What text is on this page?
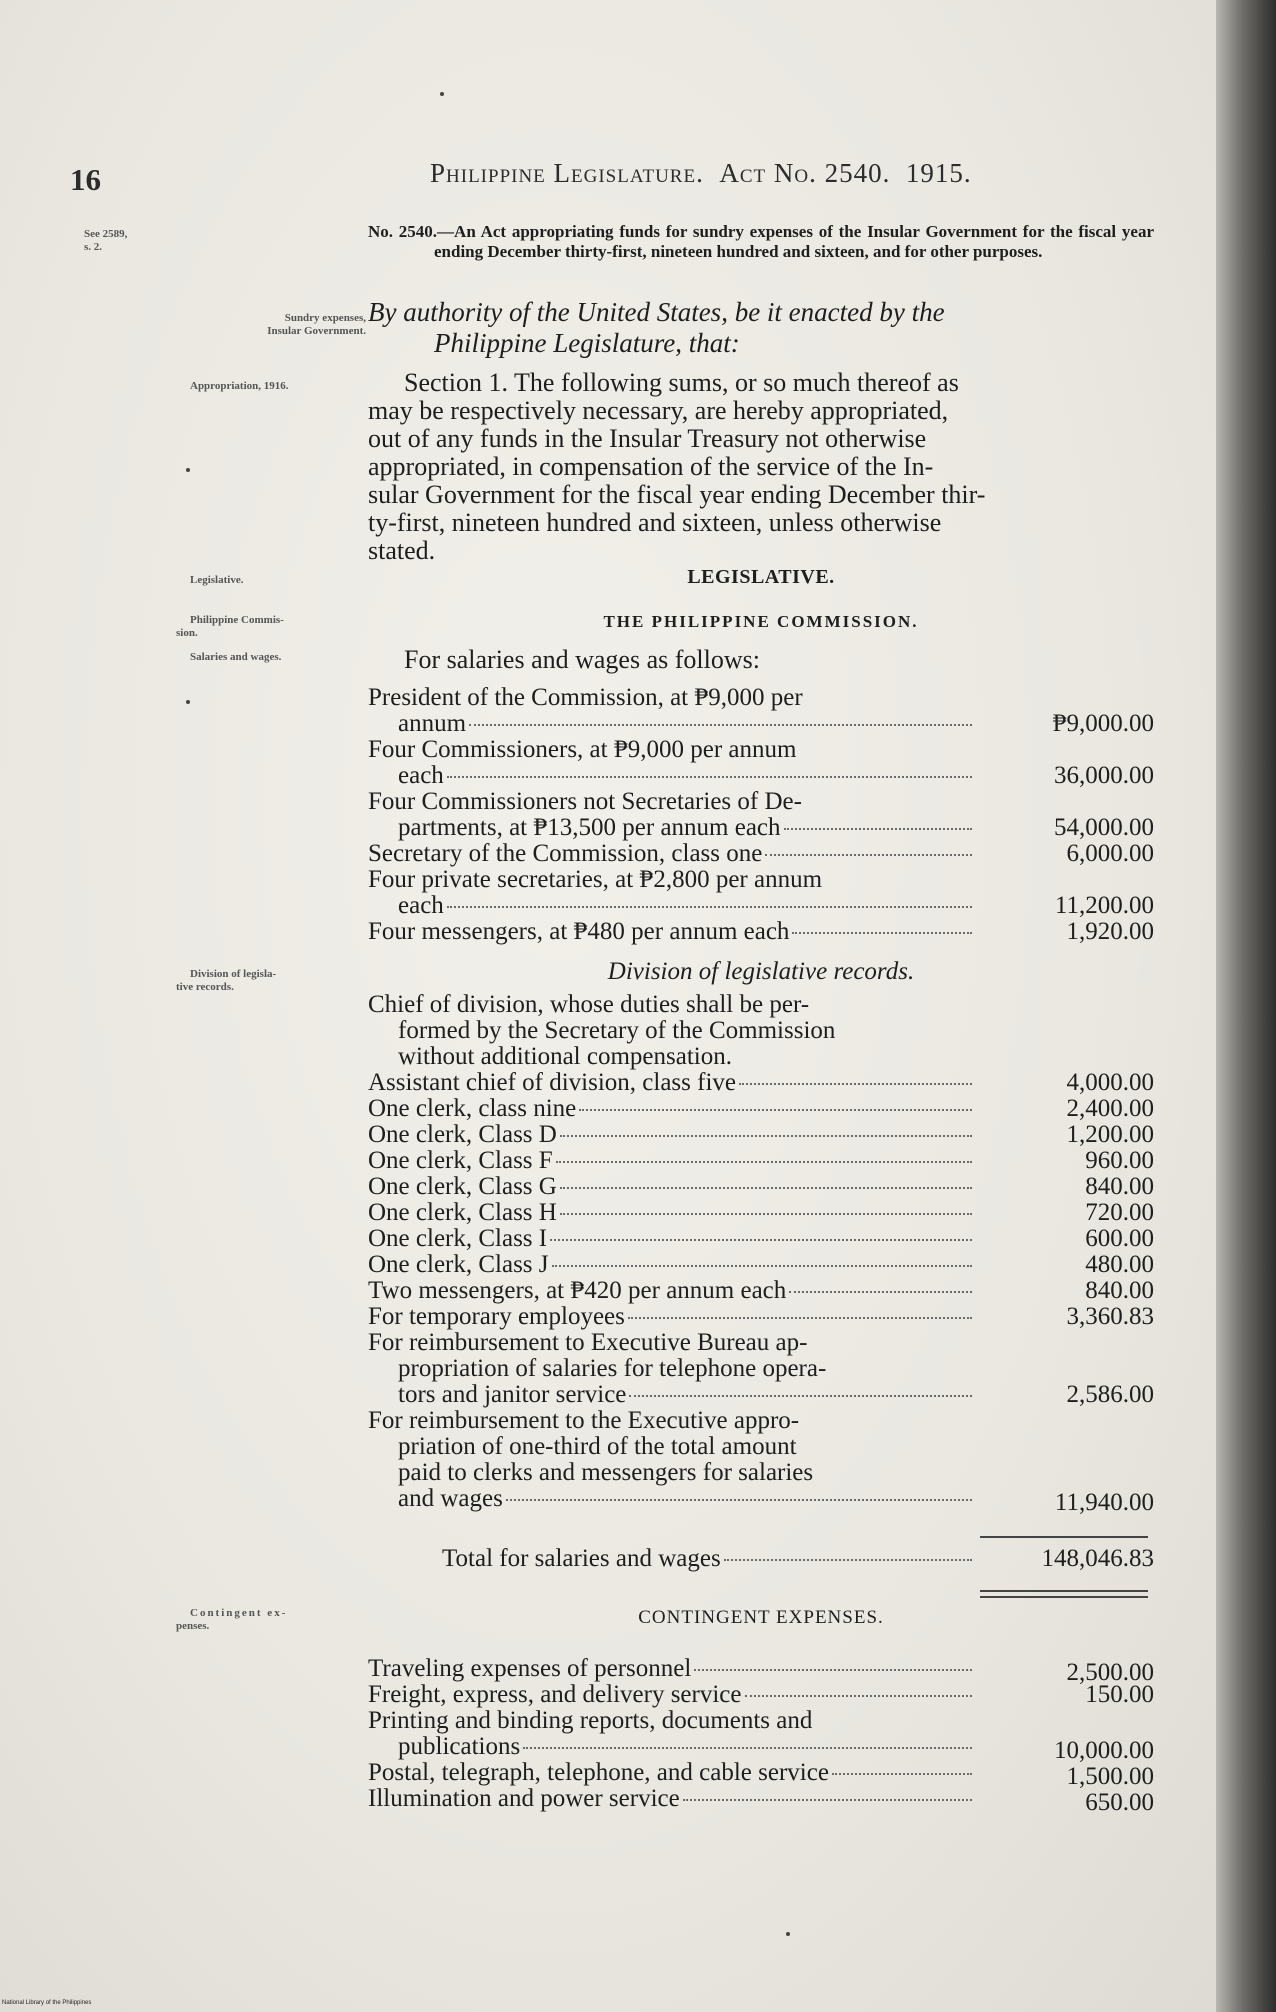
16	Philippine Legislature. Act No. 2540. 1915.
See 2589,
s. 2.
Sundry expenses,
Insular Government.
Appropriation, 1916.
Legislative.
Philippine Commis-
sion.
Salaries and wages.
Division of legisla-
tive records.
Contingent ex-
penses.
No. 2540.—An Act appropriating funds for sundry expenses of the Insular Government for the fiscal year ending December thirty-first, nineteen hundred and sixteen, and for other purposes.
By authority of the United States, be it enacted by the
Philippine Legislature, that:
Section 1. The following sums, or so much thereof as
may be respectively necessary, are hereby appropriated,
out of any funds in the Insular Treasury not otherwise
appropriated, in compensation of the service of the In-
sular Government for the fiscal year ending December thir-
ty-first, nineteen hundred and sixteen, unless otherwise
stated.
LEGISLATIVE.
THE PHILIPPINE COMMISSION.
For salaries and wages as follows:
President of the Commission, at ₱9,000 per
annum	₱9,000.00
Four Commissioners, at ₱9,000 per annum
each	36,000.00
Four Commissioners not Secretaries of De-
partments, at ₱13,500 per annum each	54,000.00
Secretary of the Commission, class one	6,000.00
Four private secretaries, at ₱2,800 per annum
each	11,200.00
Four messengers, at ₱480 per annum each	1,920.00
Division of legislative records.
Chief of division, whose duties shall be per-
formed by the Secretary of the Commission
without additional compensation.
Assistant chief of division, class five	4,000.00
One clerk, class nine	2,400.00
One clerk, Class D	1,200.00
One clerk, Class F	960.00
One clerk, Class G	840.00
One clerk, Class H	720.00
One clerk, Class I	600.00
One clerk, Class J	480.00
Two messengers, at ₱420 per annum each	840.00
For temporary employees	3,360.83
For reimbursement to Executive Bureau ap-
propriation of salaries for telephone opera-
tors and janitor service	2,586.00
For reimbursement to the Executive appro-
priation of one-third of the total amount
paid to clerks and messengers for salaries
and wages	11,940.00
Total for salaries and wages	148,046.83
CONTINGENT EXPENSES.
Traveling expenses of personnel	2,500.00
Freight, express, and delivery service	150.00
Printing and binding reports, documents and
publications	10,000.00
Postal, telegraph, telephone, and cable service	1,500.00
Illumination and power service	650.00
National Library of the Philippines
